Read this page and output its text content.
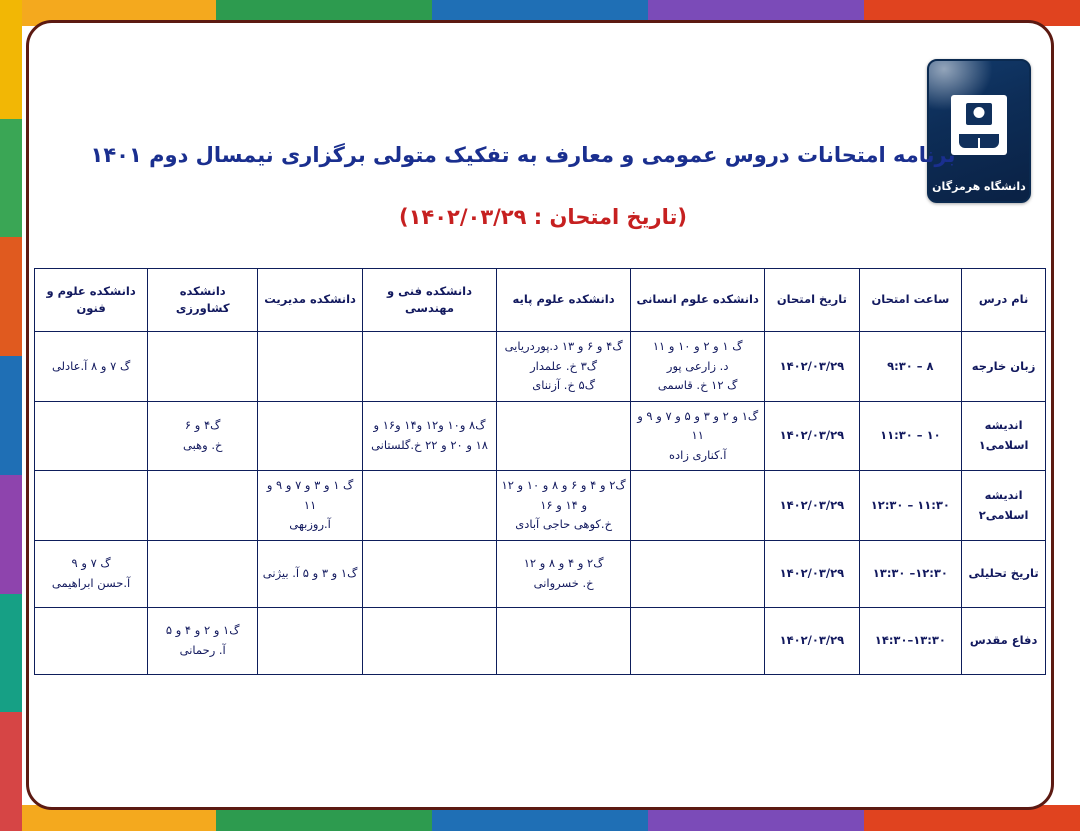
دانشگاه هرمزگان
برنامه امتحانات دروس عمومی و معارف به تفکیک متولی برگزاری نیمسال دوم ۱۴۰۱
(تاریخ امتحان : ۱۴۰۲/۰۳/۲۹)
نام درس	ساعت امتحان	تاریخ امتحان	دانشکده علوم انسانی	دانشکده علوم پایه	دانشکده فنی و مهندسی	دانشکده مدیریت	دانشکده کشاورزی	دانشکده علوم و فنون
زبان خارجه	۸ – ۹:۳۰	۱۴۰۲/۰۳/۲۹	گ ۱ و ۲ و ۱۰ و ۱۱
د. زارعی پور
گ ۱۲ خ. قاسمی	گ۴ و ۶ و ۱۳ د.پوردریایی
گ۳ خ. علمدار
گ۵ خ. آزننای				گ ۷ و ۸ آ.عادلی

اندیشه اسلامی۱	۱۰ – ۱۱:۳۰	۱۴۰۲/۰۳/۲۹	گ۱ و ۲ و ۳ و ۵ و ۷ و ۹ و ۱۱
آ.کناری زاده		گ۸ و۱۰ و۱۲ و۱۴ و۱۶ و ۱۸ و ۲۰ و ۲۲ خ.گلستانی		گ۴ و ۶
خ. وهبی	

اندیشه اسلامی۲	۱۱:۳۰ – ۱۲:۳۰	۱۴۰۲/۰۳/۲۹		گ۲ و ۴ و ۶ و ۸ و ۱۰ و ۱۲ و ۱۴ و ۱۶
خ.کوهی حاجی آبادی		گ ۱ و ۳ و ۷ و ۹ و ۱۱
آ.روزبهی		

تاریخ تحلیلی	۱۲:۳۰– ۱۳:۳۰	۱۴۰۲/۰۳/۲۹		گ۲ و ۴ و ۸ و ۱۲
خ. خسروانی		گ۱ و ۳ و ۵ آ. بیژنی		گ ۷ و ۹
آ.حسن ابراهیمی

دفاع مقدس	۱۳:۳۰–۱۴:۳۰	۱۴۰۲/۰۳/۲۹					گ۱ و ۲ و ۴ و ۵
آ. رحمانی	
